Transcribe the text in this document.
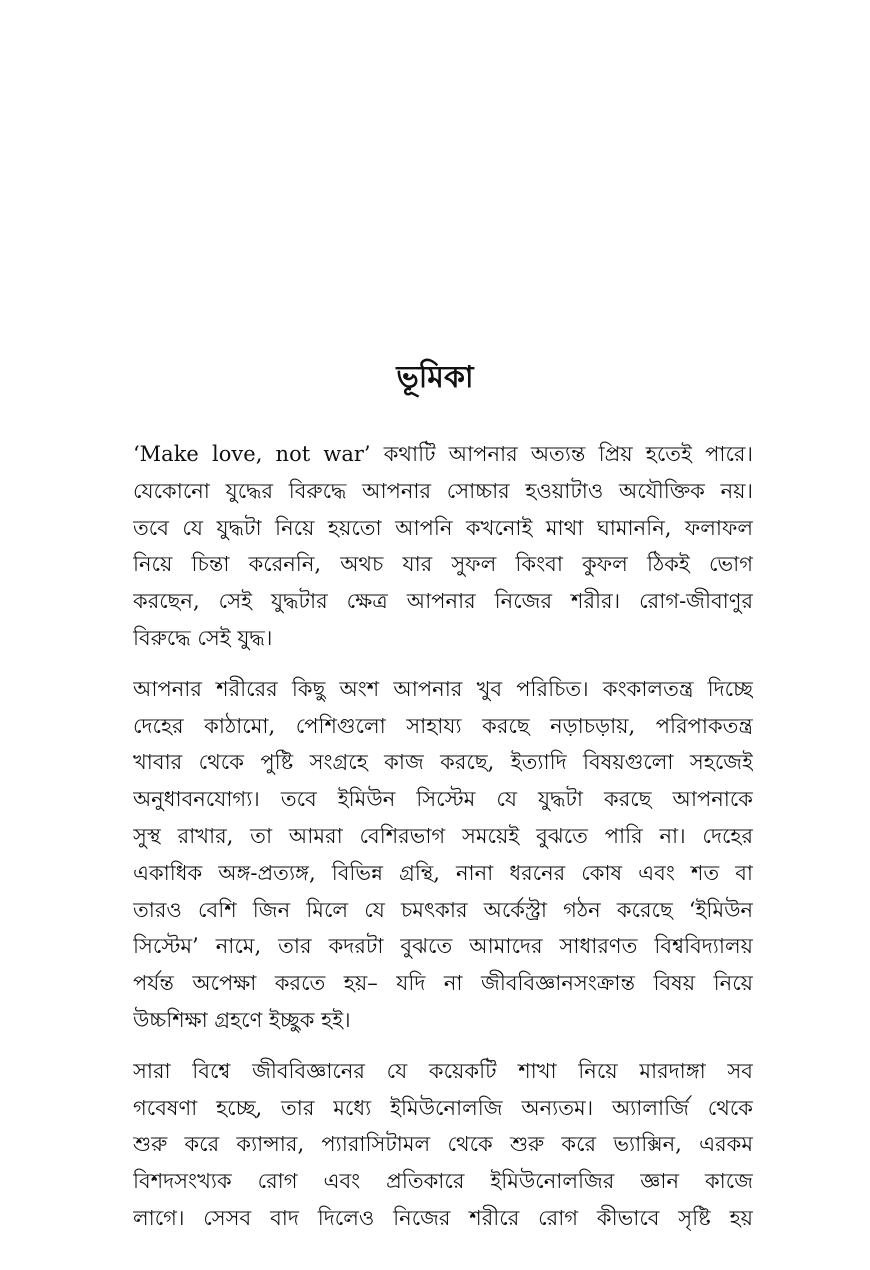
ভূমিকা

‘Make love, not war’ কথাটি আপনার অত্যন্ত প্রিয় হতেই পারে।
যেকোনো যুদ্ধের বিরুদ্ধে আপনার সোচ্চার হওয়াটাও অযৌক্তিক নয়।
তবে যে যুদ্ধটা নিয়ে হয়তো আপনি কখনোই মাথা ঘামাননি, ফলাফল
নিয়ে চিন্তা করেননি, অথচ যার সুফল কিংবা কুফল ঠিকই ভোগ
করছেন, সেই যুদ্ধটার ক্ষেত্র আপনার নিজের শরীর। রোগ-জীবাণুর
বিরুদ্ধে সেই যুদ্ধ।

আপনার শরীরের কিছু অংশ আপনার খুব পরিচিত। কংকালতন্ত্র দিচ্ছে
দেহের কাঠামো, পেশিগুলো সাহায্য করছে নড়াচড়ায়, পরিপাকতন্ত্র
খাবার থেকে পুষ্টি সংগ্রহে কাজ করছে, ইত্যাদি বিষয়গুলো সহজেই
অনুধাবনযোগ্য। তবে ইমিউন সিস্টেম যে যুদ্ধটা করছে আপনাকে
সুস্থ রাখার, তা আমরা বেশিরভাগ সময়েই বুঝতে পারি না। দেহের
একাধিক অঙ্গ-প্রত্যঙ্গ, বিভিন্ন গ্রন্থি, নানা ধরনের কোষ এবং শত বা
তারও বেশি জিন মিলে যে চমৎকার অর্কেস্ট্রা গঠন করেছে ‘ইমিউন
সিস্টেম’ নামে, তার কদরটা বুঝতে আমাদের সাধারণত বিশ্ববিদ্যালয়
পর্যন্ত অপেক্ষা করতে হয়– যদি না জীববিজ্ঞানসংক্রান্ত বিষয় নিয়ে
উচ্চশিক্ষা গ্রহণে ইচ্ছুক হই।

সারা বিশ্বে জীববিজ্ঞানের যে কয়েকটি শাখা নিয়ে মারদাঙ্গা সব
গবেষণা হচ্ছে, তার মধ্যে ইমিউনোলজি অন্যতম। অ্যালার্জি থেকে
শুরু করে ক্যান্সার, প্যারাসিটামল থেকে শুরু করে ভ্যাক্সিন, এরকম
বিশদসংখ্যক রোগ এবং প্রতিকারে ইমিউনোলজির জ্ঞান কাজে
লাগে। সেসব বাদ দিলেও নিজের শরীরে রোগ কীভাবে সৃষ্টি হয়
